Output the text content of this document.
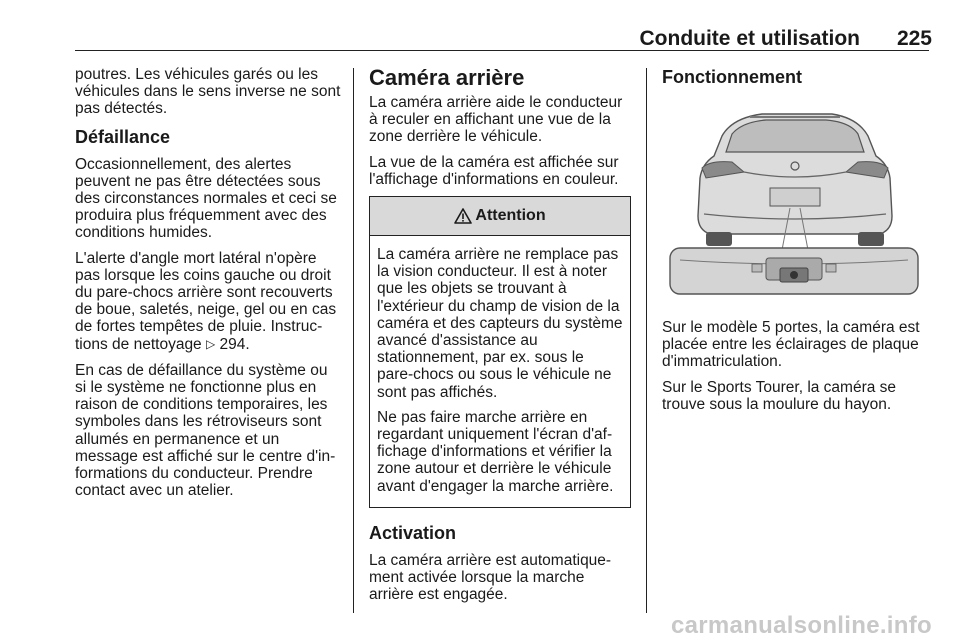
Conduite et utilisation	225

poutres. Les véhicules garés ou les véhicules dans le sens inverse ne sont pas détectés.

Défaillance

Occasionnellement, des alertes peuvent ne pas être détectées sous des circonstances normales et ceci se produira plus fréquemment avec des conditions humides.

L'alerte d'angle mort latéral n'opère pas lorsque les coins gauche ou droit du pare-chocs arrière sont recouverts de boue, saletés, neige, gel ou en cas de fortes tempêtes de pluie. Instruc-tions de nettoyage ▷ 294.

En cas de défaillance du système ou si le système ne fonctionne plus en raison de conditions temporaires, les symboles dans les rétroviseurs sont allumés en permanence et un message est affiché sur le centre d'in-formations du conducteur. Prendre contact avec un atelier.

Caméra arrière

La caméra arrière aide le conducteur à reculer en affichant une vue de la zone derrière le véhicule.

La vue de la caméra est affichée sur l'affichage d'informations en couleur.

Attention

La caméra arrière ne remplace pas la vision conducteur. Il est à noter que les objets se trouvant à l'extérieur du champ de vision de la caméra et des capteurs du système avancé d'assistance au stationnement, par ex. sous le pare-chocs ou sous le véhicule ne sont pas affichés.

Ne pas faire marche arrière en regardant uniquement l'écran d'af-fichage d'informations et vérifier la zone autour et derrière le véhicule avant d'engager la marche arrière.

Activation

La caméra arrière est automatique-ment activée lorsque la marche arrière est engagée.

Fonctionnement

Sur le modèle 5 portes, la caméra est placée entre les éclairages de plaque d'immatriculation.

Sur le Sports Tourer, la caméra se trouve sous la moulure du hayon.

carmanualsonline.info
